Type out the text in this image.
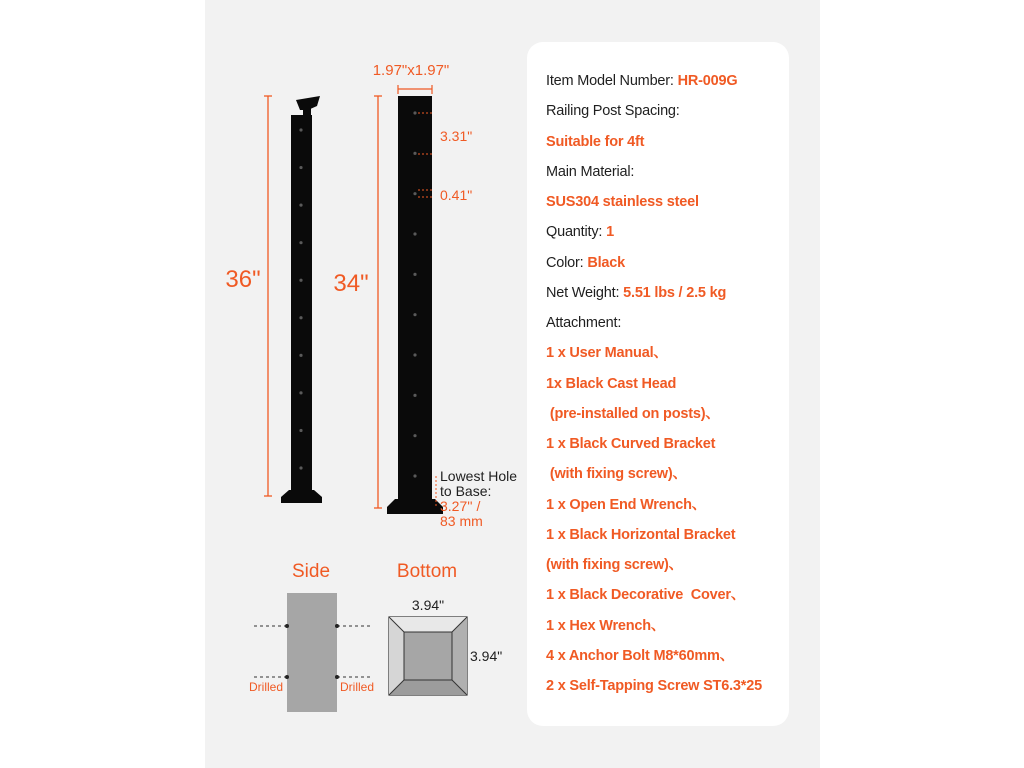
36"	34"
1.97"x1.97"
3.31"
0.41"
Lowest Hole to Base:
3.27'' / 83 mm
Side
Drilled	Drilled
Bottom
3.94"
3.94"
Item Model Number: HR-009G
Railing Post Spacing:
Suitable for 4ft
Main Material:
SUS304 stainless steel
Quantity: 1
Color: Black
Net Weight: 5.51 lbs / 2.5 kg
Attachment:
1 x User Manual、
1x Black Cast Head
(pre-installed on posts)、
1 x Black Curved Bracket
(with fixing screw)、
1 x Open End Wrench、
1 x Black Horizontal Bracket
(with fixing screw)、
1 x Black Decorative  Cover、
1 x Hex Wrench、
4 x Anchor Bolt M8*60mm、
2 x Self-Tapping Screw ST6.3*25
